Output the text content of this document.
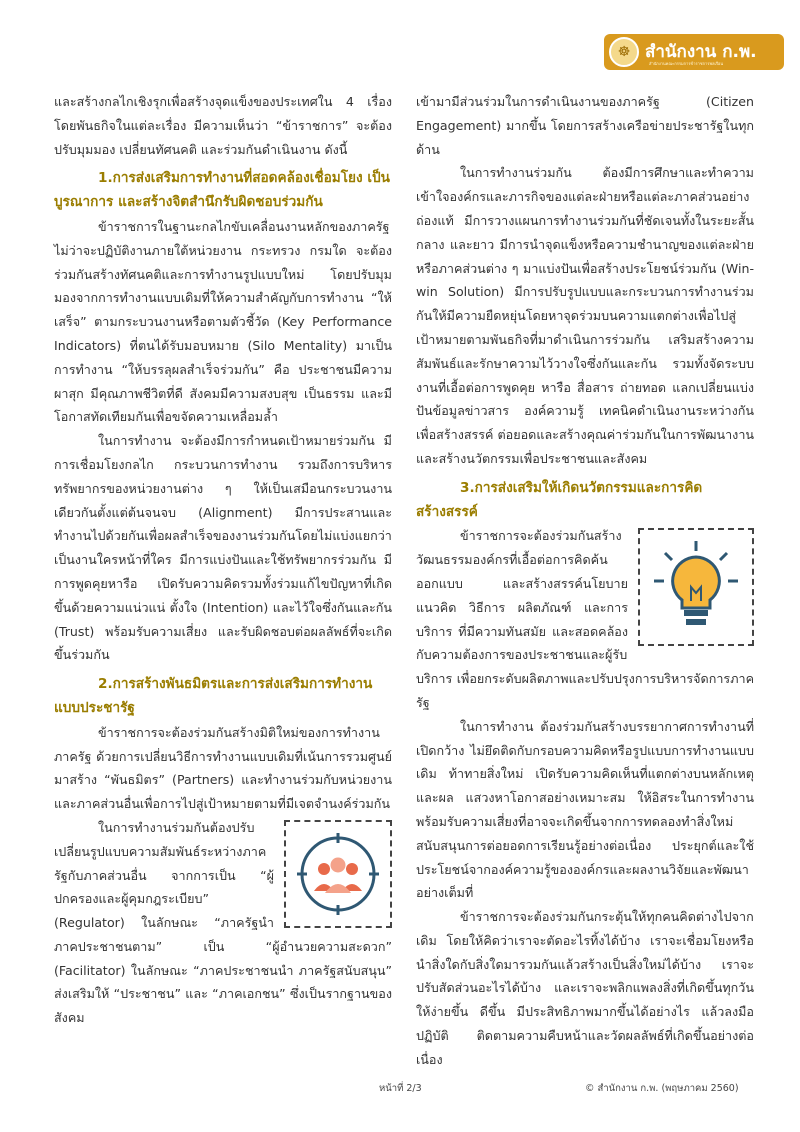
☸ สำนักงาน ก.พ.
สำนักงานคณะกรรมการข้าราชการพลเรือน

และสร้างกลไกเชิงรุกเพื่อสร้างจุดแข็งของประเทศใน 4 เรื่อง โดยพันธกิจในแต่ละเรื่อง มีความเห็นว่า “ข้าราชการ” จะต้องปรับมุมมอง เปลี่ยนทัศนคติ และร่วมกันดำเนินงาน ดังนี้

1.การส่งเสริมการทำงานที่สอดคล้องเชื่อมโยง เป็นบูรณาการ และสร้างจิตสำนึกรับผิดชอบร่วมกัน

ข้าราชการในฐานะกลไกขับเคลื่อนงานหลักของภาครัฐ ไม่ว่าจะปฏิบัติงานภายใต้หน่วยงาน กระทรวง กรมใด จะต้องร่วมกันสร้างทัศนคติและการทำงานรูปแบบใหม่ โดยปรับมุมมองจากการทำงานแบบเดิมที่ให้ความสำคัญกับการทำงาน “ให้เสร็จ” ตามกระบวนงานหรือตามตัวชี้วัด (Key Performance Indicators) ที่ตนได้รับมอบหมาย (Silo Mentality) มาเป็น การทำงาน “ให้บรรลุผลสำเร็จร่วมกัน” คือ ประชาชนมีความผาสุก มีคุณภาพชีวิตที่ดี สังคมมีความสงบสุข เป็นธรรม และมีโอกาสทัดเทียมกันเพื่อขจัดความเหลื่อมล้ำ

ในการทำงาน จะต้องมีการกำหนดเป้าหมายร่วมกัน มีการเชื่อมโยงกลไก กระบวนการทำงาน รวมถึงการบริหารทรัพยากรของหน่วยงานต่าง ๆ ให้เป็นเสมือนกระบวนงานเดียวกันตั้งแต่ต้นจนจบ (Alignment) มีการประสานและทำงานไปด้วยกันเพื่อผลสำเร็จของงานร่วมกันโดยไม่แบ่งแยกว่าเป็นงานใครหน้าที่ใคร มีการแบ่งปันและใช้ทรัพยากรร่วมกัน มีการพูดคุยหารือ เปิดรับความคิดรวมทั้งร่วมแก้ไขปัญหาที่เกิดขึ้นด้วยความแน่วแน่ ตั้งใจ (Intention) และไว้ใจซึ่งกันและกัน (Trust) พร้อมรับความเสี่ยง และรับผิดชอบต่อผลลัพธ์ที่จะเกิดขึ้นร่วมกัน

2.การสร้างพันธมิตรและการส่งเสริมการทำงานแบบประชารัฐ

ข้าราชการจะต้องร่วมกันสร้างมิติใหม่ของการทำงานภาครัฐ ด้วยการเปลี่ยนวิธีการทำงานแบบเดิมที่เน้นการรวมศูนย์ มาสร้าง “พันธมิตร” (Partners) และทำงานร่วมกับหน่วยงานและภาคส่วนอื่นเพื่อการไปสู่เป้าหมายตามที่มีเจตจำนงค์ร่วมกัน

ในการทำงานร่วมกันต้องปรับเปลี่ยนรูปแบบความสัมพันธ์ระหว่างภาครัฐกับภาคส่วนอื่น จากการเป็น “ผู้ปกครองและผู้คุมกฎระเบียบ” (Regulator) ในลักษณะ “ภาครัฐนำ ภาคประชาชนตาม” เป็น “ผู้อำนวยความสะดวก” (Facilitator) ในลักษณะ “ภาคประชาชนนำ ภาครัฐสนับสนุน” ส่งเสริมให้ “ประชาชน” และ “ภาคเอกชน” ซึ่งเป็นรากฐานของสังคม

เข้ามามีส่วนร่วมในการดำเนินงานของภาครัฐ (Citizen Engagement) มากขึ้น โดยการสร้างเครือข่ายประชารัฐในทุกด้าน

ในการทำงานร่วมกัน ต้องมีการศึกษาและทำความเข้าใจองค์กรและภารกิจของแต่ละฝ่ายหรือแต่ละภาคส่วนอย่างถ่องแท้ มีการวางแผนการทำงานร่วมกันที่ชัดเจนทั้งในระยะสั้น กลาง และยาว มีการนำจุดแข็งหรือความชำนาญของแต่ละฝ่ายหรือภาคส่วนต่าง ๆ มาแบ่งปันเพื่อสร้างประโยชน์ร่วมกัน (Win-win Solution) มีการปรับรูปแบบและกระบวนการทำงานร่วมกันให้มีความยืดหยุ่นโดยหาจุดร่วมบนความแตกต่างเพื่อไปสู่เป้าหมายตามพันธกิจที่มาดำเนินการร่วมกัน เสริมสร้างความสัมพันธ์และรักษาความไว้วางใจซึ่งกันและกัน รวมทั้งจัดระบบงานที่เอื้อต่อการพูดคุย หารือ สื่อสาร ถ่ายทอด แลกเปลี่ยนแบ่งปันข้อมูลข่าวสาร องค์ความรู้ เทคนิคดำเนินงานระหว่างกัน เพื่อสร้างสรรค์ ต่อยอดและสร้างคุณค่าร่วมกันในการพัฒนางานและสร้างนวัตกรรมเพื่อประชาชนและสังคม

3.การส่งเสริมให้เกิดนวัตกรรมและการคิดสร้างสรรค์

ข้าราชการจะต้องร่วมกันสร้างวัฒนธรรมองค์กรที่เอื้อต่อการคิดค้น ออกแบบ และสร้างสรรค์นโยบาย แนวคิด วิธีการ ผลิตภัณฑ์ และการบริการ ที่มีความทันสมัย และสอดคล้องกับความต้องการของประชาชนและผู้รับบริการ เพื่อยกระดับผลิตภาพและปรับปรุงการบริหารจัดการภาครัฐ

ในการทำงาน ต้องร่วมกันสร้างบรรยากาศการทำงานที่เปิดกว้าง ไม่ยึดติดกับกรอบความคิดหรือรูปแบบการทำงานแบบเดิม ท้าทายสิ่งใหม่ เปิดรับความคิดเห็นที่แตกต่างบนหลักเหตุและผล แสวงหาโอกาสอย่างเหมาะสม ให้อิสระในการทำงาน พร้อมรับความเสี่ยงที่อาจจะเกิดขึ้นจากการทดลองทำสิ่งใหม่ สนับสนุนการต่อยอดการเรียนรู้อย่างต่อเนื่อง ประยุกต์และใช้ประโยชน์จากองค์ความรู้ขององค์กรและผลงานวิจัยและพัฒนาอย่างเต็มที่

ข้าราชการจะต้องร่วมกันกระตุ้นให้ทุกคนคิดต่างไปจากเดิม โดยให้คิดว่าเราจะตัดอะไรทิ้งได้บ้าง เราจะเชื่อมโยงหรือนำสิ่งใดกับสิ่งใดมารวมกันแล้วสร้างเป็นสิ่งใหม่ได้บ้าง เราจะปรับสัดส่วนอะไรได้บ้าง และเราจะพลิกแพลงสิ่งที่เกิดขึ้นทุกวันให้ง่ายขึ้น ดีขึ้น มีประสิทธิภาพมากขึ้นได้อย่างไร แล้วลงมือปฏิบัติ ติดตามความคืบหน้าและวัดผลลัพธ์ที่เกิดขึ้นอย่างต่อเนื่อง

หน้าที่ 2/3	© สำนักงาน ก.พ. (พฤษภาคม 2560)
